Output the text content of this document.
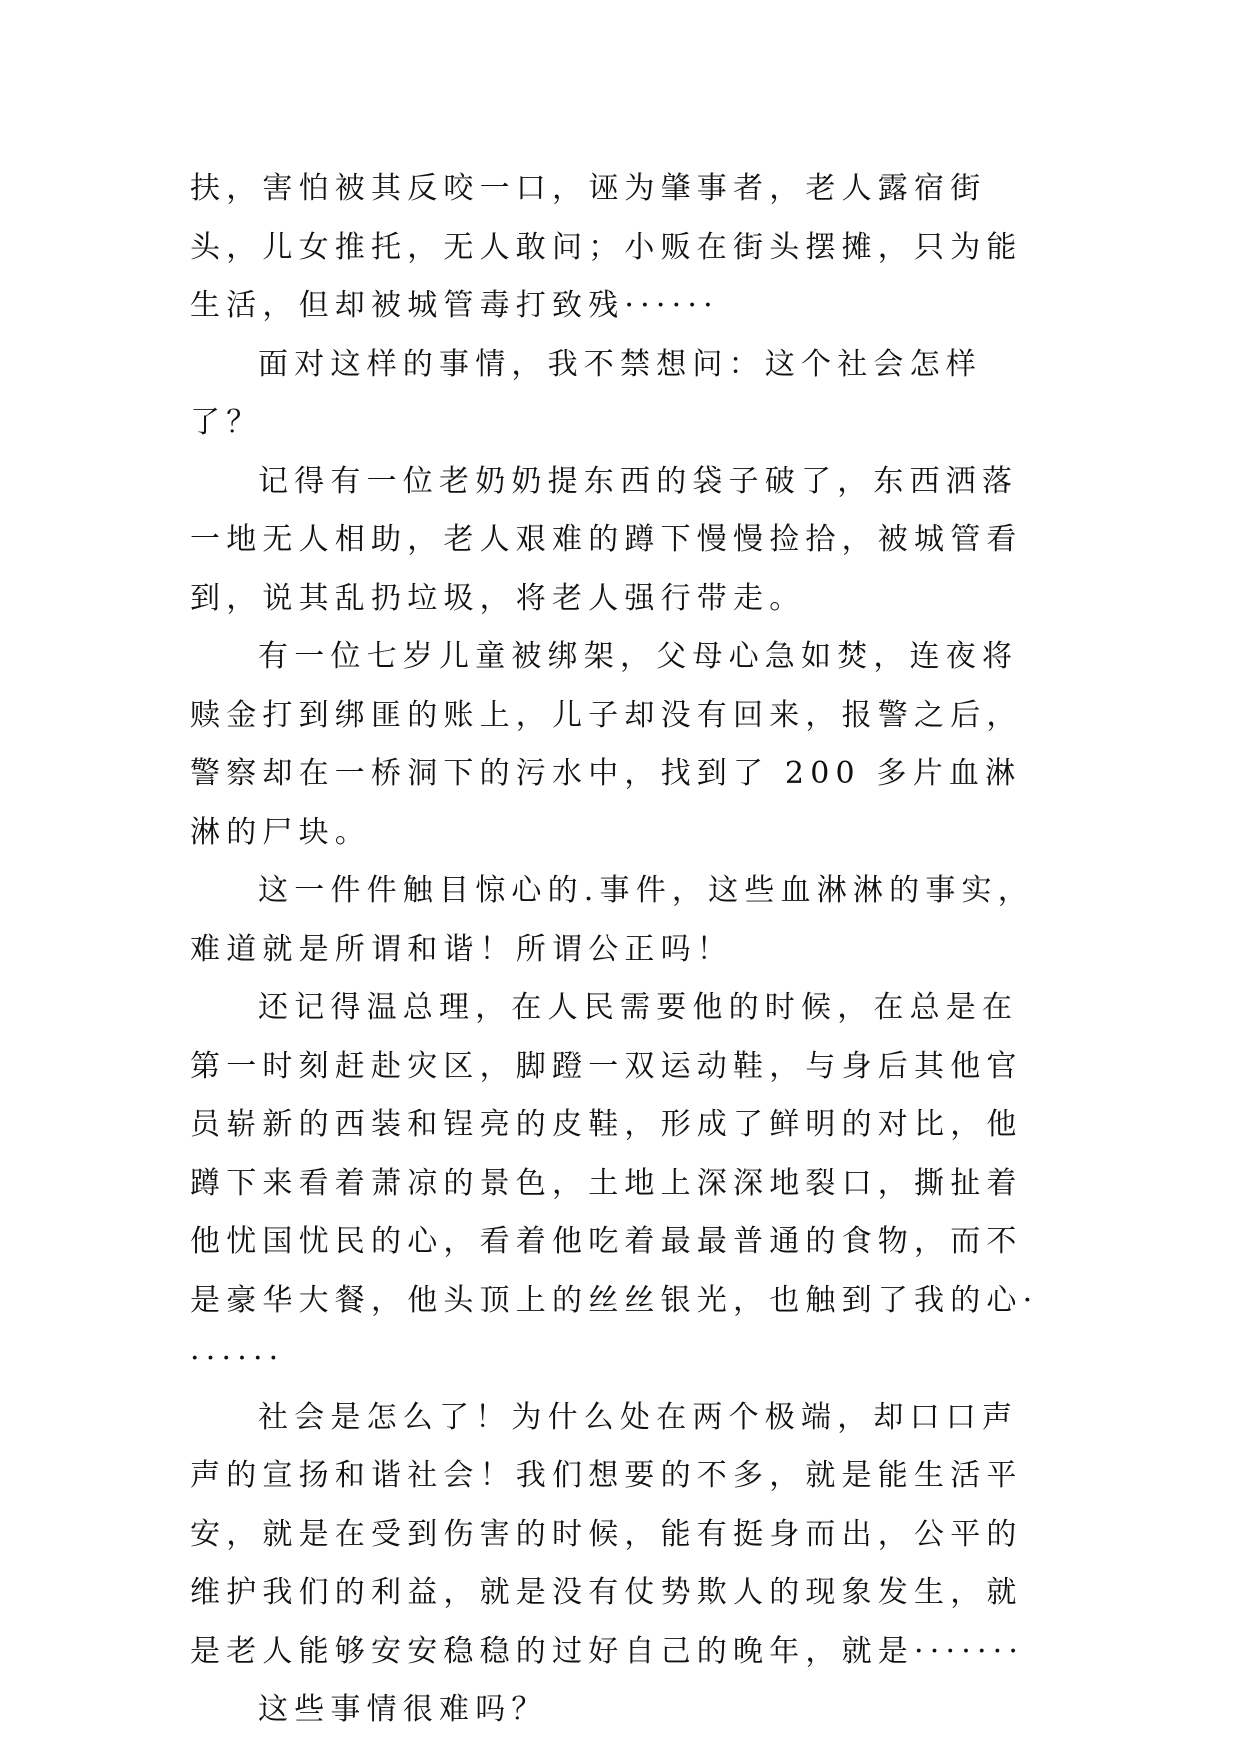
扶，害怕被其反咬一口，诬为肇事者，老人露宿街头，儿女推托，无人敢问；小贩在街头摆摊，只为能生活，但却被城管毒打致残······

面对这样的事情，我不禁想问：这个社会怎样了？

记得有一位老奶奶提东西的袋子破了，东西洒落一地无人相助，老人艰难的蹲下慢慢捡拾，被城管看到，说其乱扔垃圾，将老人强行带走。

有一位七岁儿童被绑架，父母心急如焚，连夜将赎金打到绑匪的账上，儿子却没有回来，报警之后，警察却在一桥洞下的污水中，找到了 200 多片血淋淋的尸块。

这一件件触目惊心的.事件，这些血淋淋的事实，难道就是所谓和谐！所谓公正吗！

还记得温总理，在人民需要他的时候，在总是在第一时刻赶赴灾区，脚蹬一双运动鞋，与身后其他官员崭新的西装和锃亮的皮鞋，形成了鲜明的对比，他蹲下来看着萧凉的景色，土地上深深地裂口，撕扯着他忧国忧民的心，看着他吃着最最普通的食物，而不是豪华大餐，他头顶上的丝丝银光，也触到了我的心·······

社会是怎么了！为什么处在两个极端，却口口声声的宣扬和谐社会！我们想要的不多，就是能生活平安，就是在受到伤害的时候，能有挺身而出，公平的维护我们的利益，就是没有仗势欺人的现象发生，就是老人能够安安稳稳的过好自己的晚年，就是·······

这些事情很难吗？
